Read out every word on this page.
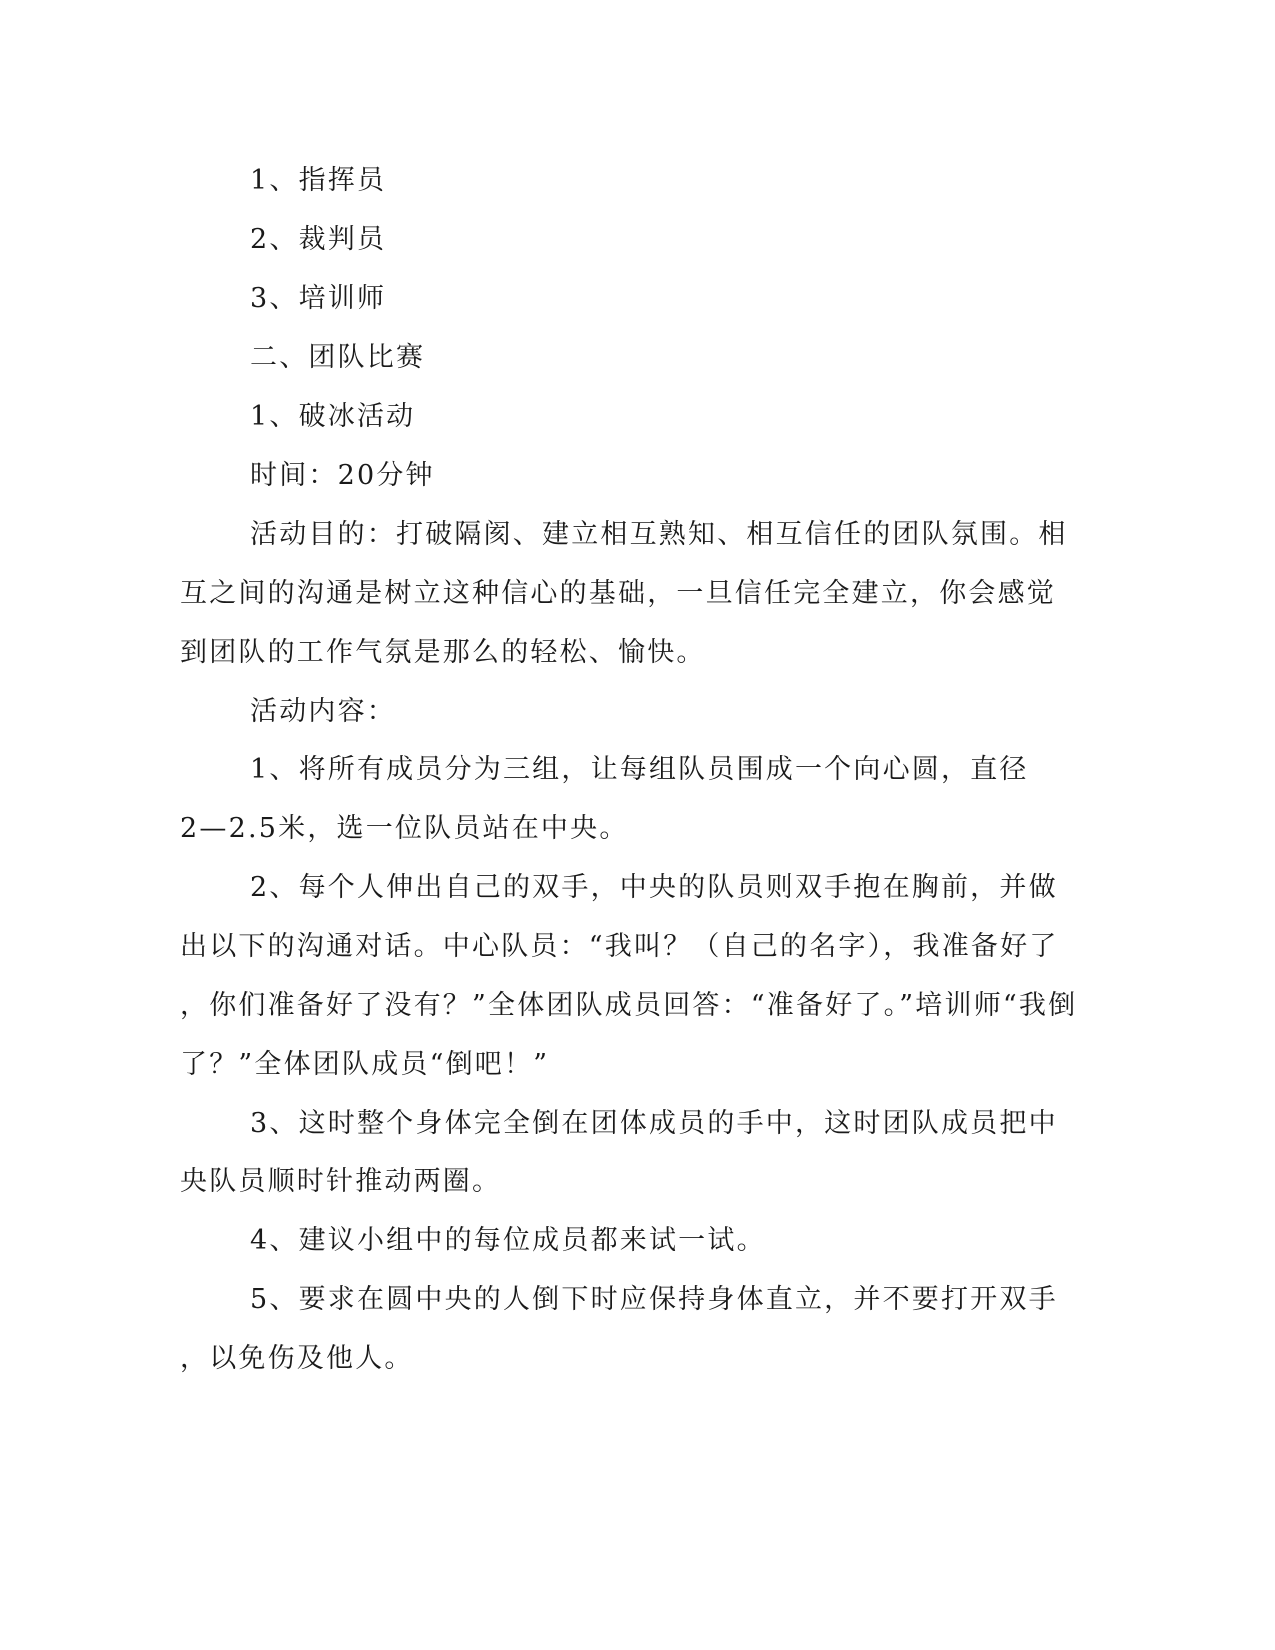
1、指挥员

2、裁判员

3、培训师

二、团队比赛

1、破冰活动

时间：20分钟

活动目的：打破隔阂、建立相互熟知、相互信任的团队氛围。相

互之间的沟通是树立这种信心的基础，一旦信任完全建立，你会感觉

到团队的工作气氛是那么的轻松、愉快。

活动内容：

1、将所有成员分为三组，让每组队员围成一个向心圆，直径

2—2.5米，选一位队员站在中央。

2、每个人伸出自己的双手，中央的队员则双手抱在胸前，并做

出以下的沟通对话。中心队员：“我叫？（自己的名字），我准备好了

，你们准备好了没有？”全体团队成员回答：“准备好了。”培训师“我倒

了？”全体团队成员“倒吧！”

3、这时整个身体完全倒在团体成员的手中，这时团队成员把中

央队员顺时针推动两圈。

4、建议小组中的每位成员都来试一试。

5、要求在圆中央的人倒下时应保持身体直立，并不要打开双手

，以免伤及他人。
